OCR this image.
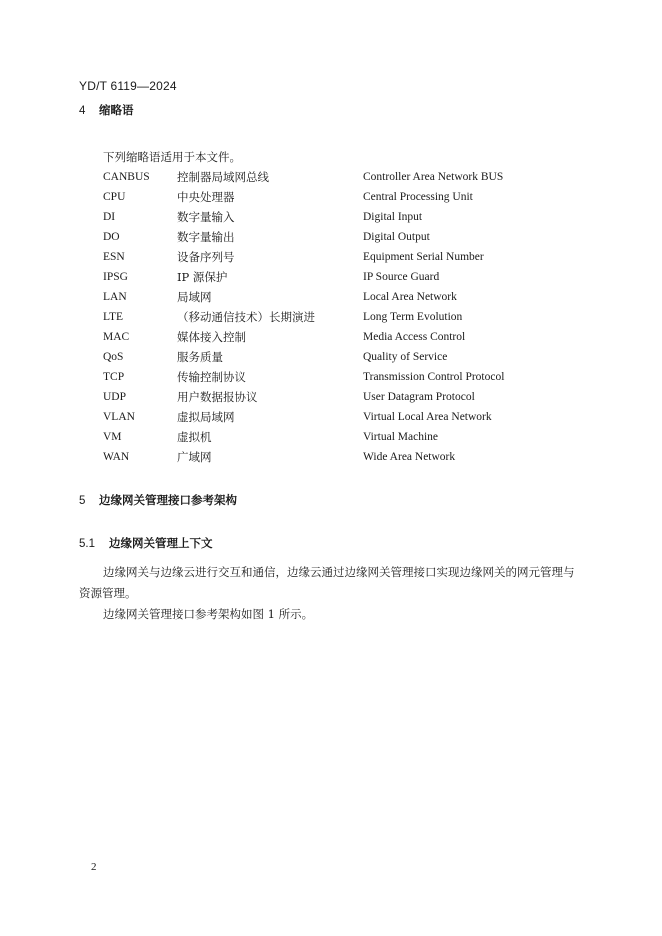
YD/T 6119—2024
4 缩略语
下列缩略语适用于本文件。
CANBUS 控制器局域网总线	Controller Area Network BUS
CPU	中央处理器	Central Processing Unit
DI	数字量输入	Digital Input
DO	数字量输出	Digital Output
ESN	设备序列号	Equipment Serial Number
IPSG	IP 源保护	IP Source Guard
LAN	局域网	Local Area Network
LTE	（移动通信技术）长期演进	Long Term Evolution
MAC	媒体接入控制	Media Access Control
QoS	服务质量	Quality of Service
TCP	传输控制协议	Transmission Control Protocol
UDP	用户数据报协议	User Datagram Protocol
VLAN	虚拟局域网	Virtual Local Area Network
VM	虚拟机	Virtual Machine
WAN	广域网	Wide Area Network
5 边缘网关管理接口参考架构
5.1 边缘网关管理上下文
边缘网关与边缘云进行交互和通信，边缘云通过边缘网关管理接口实现边缘网关的网元管理与资源管理。
边缘网关管理接口参考架构如图 1 所示。
2
